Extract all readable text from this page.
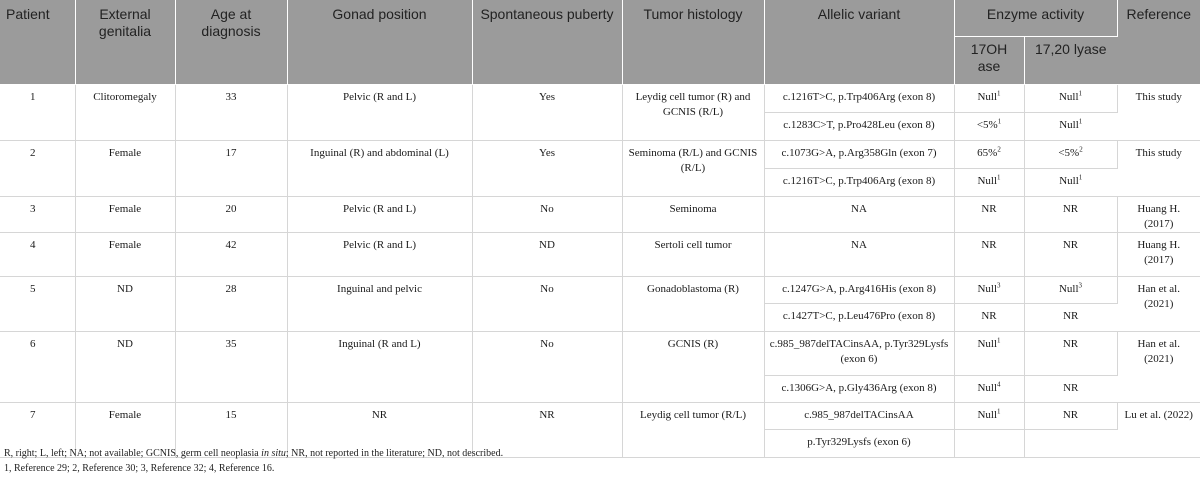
Patient	External genitalia	Age at diagnosis	Gonad position	Spontaneous puberty	Tumor histology	Allelic variant	Enzyme activity		Reference
							17OH ase	17,20 lyase	
1	Clitoromegaly	33	Pelvic (R and L)	Yes	Leydig cell tumor (R) and GCNIS (R/L)	c.1216T>C, p.Trp406Arg (exon 8)	Null$^1$	Null$^1$	This study
						c.1283C>T, p.Pro428Leu (exon 8)	<5%$^1$	Null$^1$
2	Female	17	Inguinal (R) and abdominal (L)	Yes	Seminoma (R/L) and GCNIS (R/L)	c.1073G>A, p.Arg358Gln (exon 7)	65%$^2$	<5%$^2$	This study
						c.1216T>C, p.Trp406Arg (exon 8)	Null$^1$	Null$^1$
3	Female	20	Pelvic (R and L)	No	Seminoma	NA	NR	NR	Huang H. (2017)
4	Female	42	Pelvic (R and L)	ND	Sertoli cell tumor	NA	NR	NR	Huang H. (2017)
5	ND	28	Inguinal and pelvic	No	Gonadoblastoma (R)	c.1247G>A, p.Arg416His (exon 8)	Null$^3$	Null$^3$	Han et al. (2021)
						c.1427T>C, p.Leu476Pro (exon 8)	NR	NR	
6	ND	35	Inguinal (R and L)	No	GCNIS (R)	c.985_987delTACinsAA, p.Tyr329Lysfs (exon 6)	Null$^1$	NR	Han et al. (2021)
						c.1306G>A, p.Gly436Arg (exon 8)	Null$^4$	NR	
7	Female	15	NR	NR	Leydig cell tumor (R/L)	c.985_987delTACinsAA	Null$^1$	NR	Lu et al. (2022)
						p.Tyr329Lysfs (exon 6)			
R, right; L, left; NA; not available; GCNIS, germ cell neoplasia in situ; NR, not reported in the literature; ND, not described.
1, Reference 29; 2, Reference 30; 3, Reference 32; 4, Reference 16.
